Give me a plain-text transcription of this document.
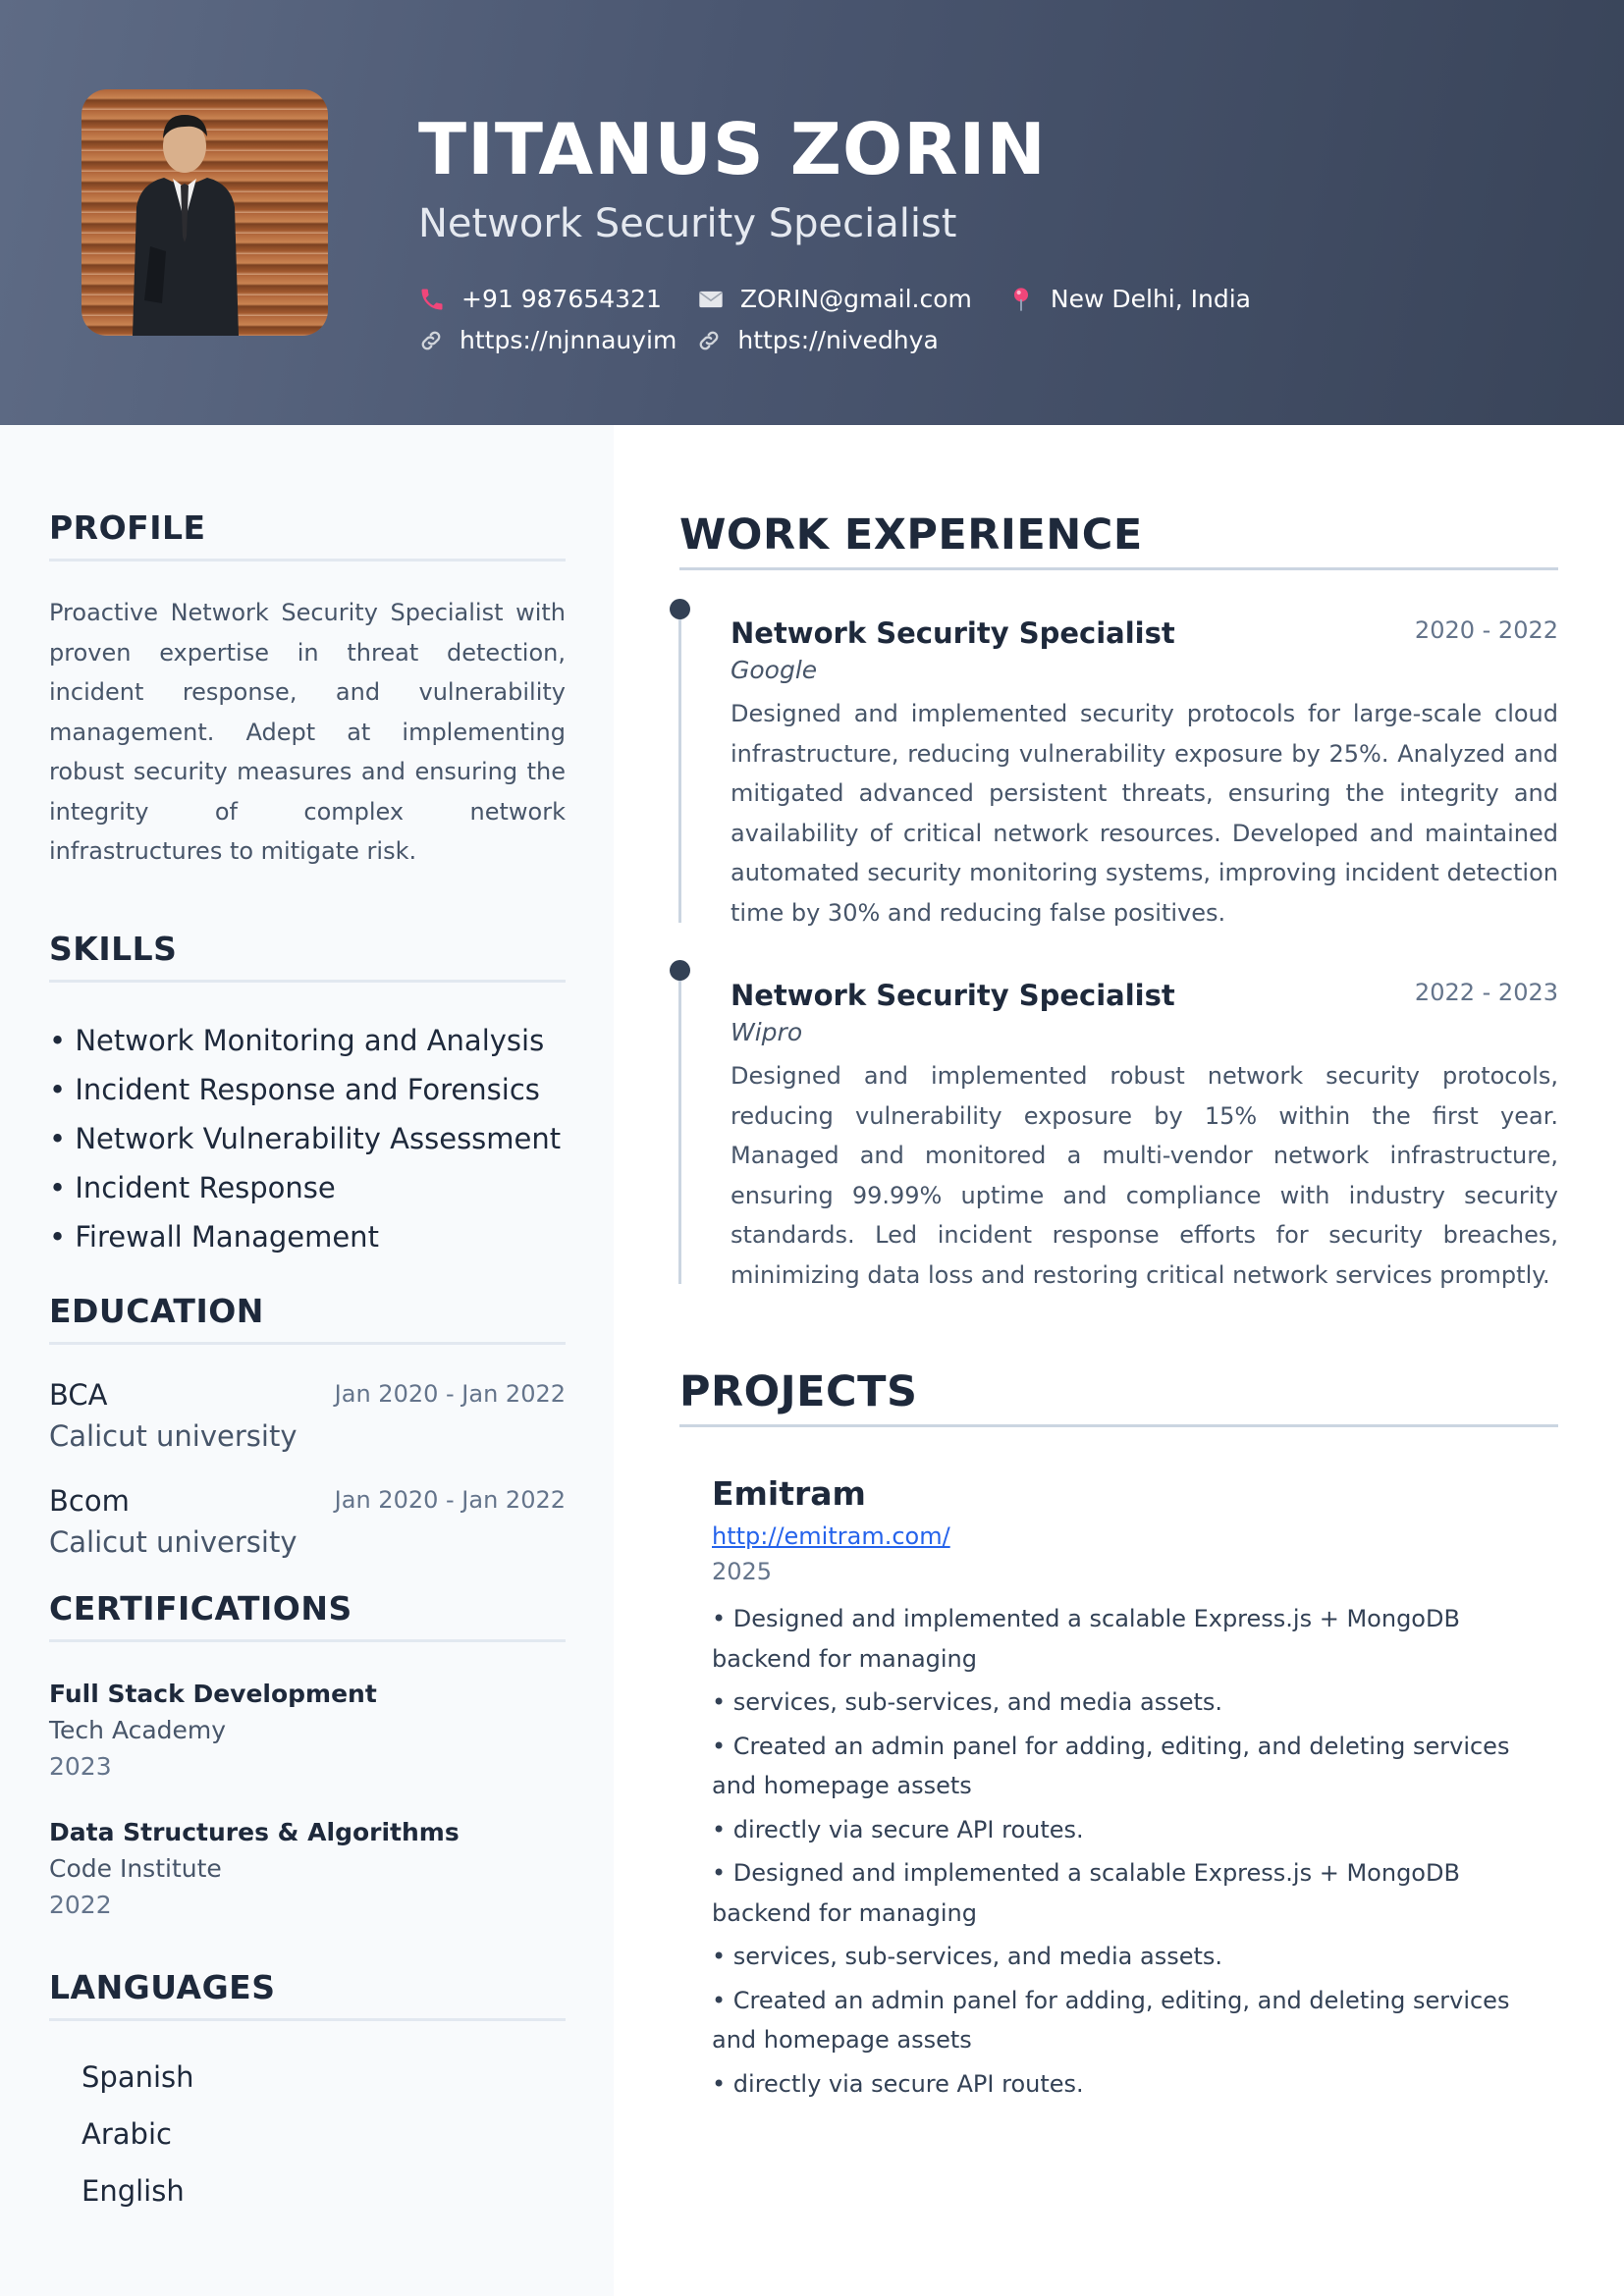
TITANUS ZORIN
Network Security Specialist
+91 987654321	ZORIN@gmail.com	New Delhi, India
https://njnnauyim https://nivedhya
PROFILE
Proactive Network Security Specialist with proven expertise in threat detection, incident response, and vulnerability management. Adept at implementing robust security measures and ensuring the integrity of complex network infrastructures to mitigate risk.
SKILLS
• Network Monitoring and Analysis
• Incident Response and Forensics
• Network Vulnerability Assessment
• Incident Response
• Firewall Management
EDUCATION
BCA
Calicut university
Jan 2020 - Jan 2022
Bcom
Calicut university
Jan 2020 - Jan 2022
CERTIFICATIONS
Full Stack Development
Tech Academy
2023
Data Structures & Algorithms
Code Institute
2022
LANGUAGES
Spanish
Arabic
English
WORK EXPERIENCE
Network Security Specialist	2020 - 2022
Google
Designed and implemented security protocols for large-scale cloud infrastructure, reducing vulnerability exposure by 25%. Analyzed and mitigated advanced persistent threats, ensuring the integrity and availability of critical network resources. Developed and maintained automated security monitoring systems, improving incident detection time by 30% and reducing false positives.
Network Security Specialist	2022 - 2023
Wipro
Designed and implemented robust network security protocols, reducing vulnerability exposure by 15% within the first year. Managed and monitored a multi-vendor network infrastructure, ensuring 99.99% uptime and compliance with industry security standards. Led incident response efforts for security breaches, minimizing data loss and restoring critical network services promptly.
PROJECTS
Emitram
http://emitram.com/
2025
• Designed and implemented a scalable Express.js + MongoDB backend for managing
• services, sub-services, and media assets.
• Created an admin panel for adding, editing, and deleting services and homepage assets
• directly via secure API routes.
• Designed and implemented a scalable Express.js + MongoDB backend for managing
• services, sub-services, and media assets.
• Created an admin panel for adding, editing, and deleting services and homepage assets
• directly via secure API routes.
